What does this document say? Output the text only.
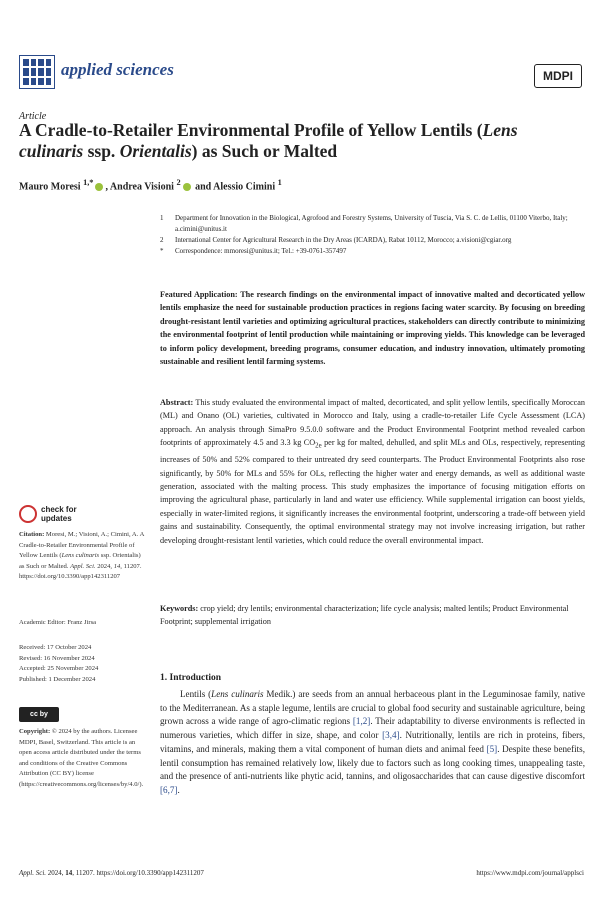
applied sciences	MDPI
Article
A Cradle-to-Retailer Environmental Profile of Yellow Lentils (Lens culinaris ssp. Orientalis) as Such or Malted
Mauro Moresi $^{1,*}$ , Andrea Visioni $^2$ and Alessio Cimini $^1$
1 Department for Innovation in the Biological, Agrofood and Forestry Systems, University of Tuscia, Via S. C. de Lellis, 01100 Viterbo, Italy; a.cimini@unitus.it
2 International Center for Agricultural Research in the Dry Areas (ICARDA), Rabat 10112, Morocco; a.visioni@cgiar.org
* Correspondence: mmoresi@unitus.it; Tel.: +39-0761-357497
Featured Application: The research findings on the environmental impact of innovative malted and decorticated yellow lentils emphasize the need for sustainable production practices in regions facing water scarcity. By focusing on breeding drought-resistant lentil varieties and optimizing agricultural practices, stakeholders can directly contribute to minimizing the environmental footprint of lentil production while maintaining or improving yields. This knowledge can be leveraged to inform policy development, breeding programs, consumer education, and industry innovation, ultimately promoting sustainable and resilient lentil farming systems.
Abstract: This study evaluated the environmental impact of malted, decorticated, and split yellow lentils, specifically Moroccan (ML) and Onano (OL) varieties, cultivated in Morocco and Italy, using a cradle-to-retailer Life Cycle Assessment (LCA) approach. An analysis through SimaPro 9.5.0.0 software and the Product Environmental Footprint method revealed carbon footprints of approximately 4.5 and 3.3 kg $CO_{2e}$ per kg for malted, dehulled, and split MLs and OLs, respectively, representing increases of 50% and 52% compared to their untreated dry seed counterparts. The Product Environmental Footprints also rose significantly, by 50% for MLs and 55% for OLs, reflecting the higher water and energy demands, as well as additional waste generation, associated with the malting process. This study emphasizes the importance of focusing mitigation efforts on improving the agricultural phase, particularly in land and water use efficiency. While supplemental irrigation can boost yields, especially in water-limited regions, it significantly increases the environmental footprint, underscoring a trade-off between yield gains and sustainability. Consequently, the optimal environmental strategy may not involve increasing irrigation, but rather developing drought-resistant lentil varieties, which could reduce the overall environmental impact.
Keywords: crop yield; dry lentils; environmental characterization; life cycle analysis; malted lentils; Product Environmental Footprint; supplemental irrigation
check for updates

Citation: Moresi, M.; Visioni, A.; Cimini, A. A Cradle-to-Retailer Environmental Profile of Yellow Lentils (Lens culinaris ssp. Orientalis) as Such or Malted. Appl. Sci. 2024, 14, 11207. https://doi.org/10.3390/app142311207

Academic Editor: Franz Jirsa

Received: 17 October 2024

Revised: 16 November 2024

Accepted: 25 November 2024

Published: 1 December 2024

cc by

Copyright: © 2024 by the authors. Licensee MDPI, Basel, Switzerland. This article is an open access article distributed under the terms and conditions of the Creative Commons Attribution (CC BY) license (https://creativecommons.org/licenses/by/4.0/).

1. Introduction
Lentils (Lens culinaris Medik.) are seeds from an annual herbaceous plant in the Leguminosae family, native to the Mediterranean. As a staple legume, lentils are crucial to global food security and sustainable agriculture, being grown across a wide range of agro-climatic regions [1,2]. Their adaptability to diverse environments is reflected in numerous varieties, which differ in size, shape, and color [3,4]. Nutritionally, lentils are rich in proteins, fibers, vitamins, and minerals, making them a vital component of human diets and animal feed [5]. Despite these benefits, lentil consumption has remained relatively low, likely due to factors such as long cooking times, unappealing taste, and the presence of anti-nutrients like phytic acid, tannins, and oligosaccharides that can cause digestive discomfort [6,7].
Appl. Sci. 2024, 14, 11207. https://doi.org/10.3390/app142311207	https://www.mdpi.com/journal/applsci
